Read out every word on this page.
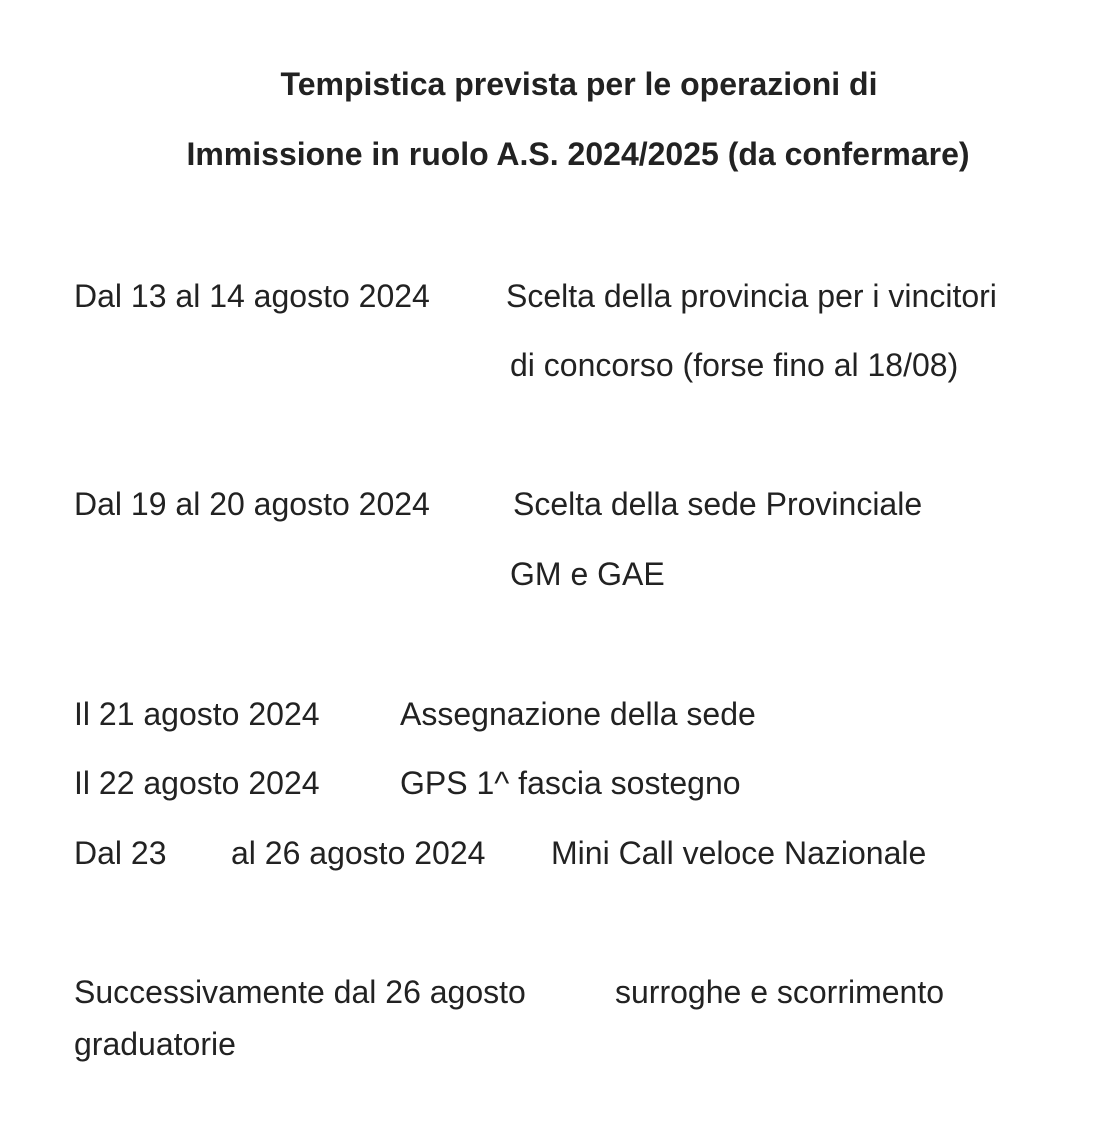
Tempistica prevista per le operazioni di
Immissione in ruolo A.S. 2024/2025 (da confermare)
Dal 13 al 14 agosto 2024 Scelta della provincia per i vincitori
di concorso (forse fino al 18/08)
Dal 19 al 20 agosto 2024	Scelta della sede Provinciale
GM e GAE
Il 21 agosto 2024	Assegnazione della sede
Il 22 agosto 2024	GPS 1^ fascia sostegno
Dal 23 al 26 agosto 2024 Mini Call veloce Nazionale
Successivamente dal 26 agosto	surroghe e scorrimento
graduatorie
